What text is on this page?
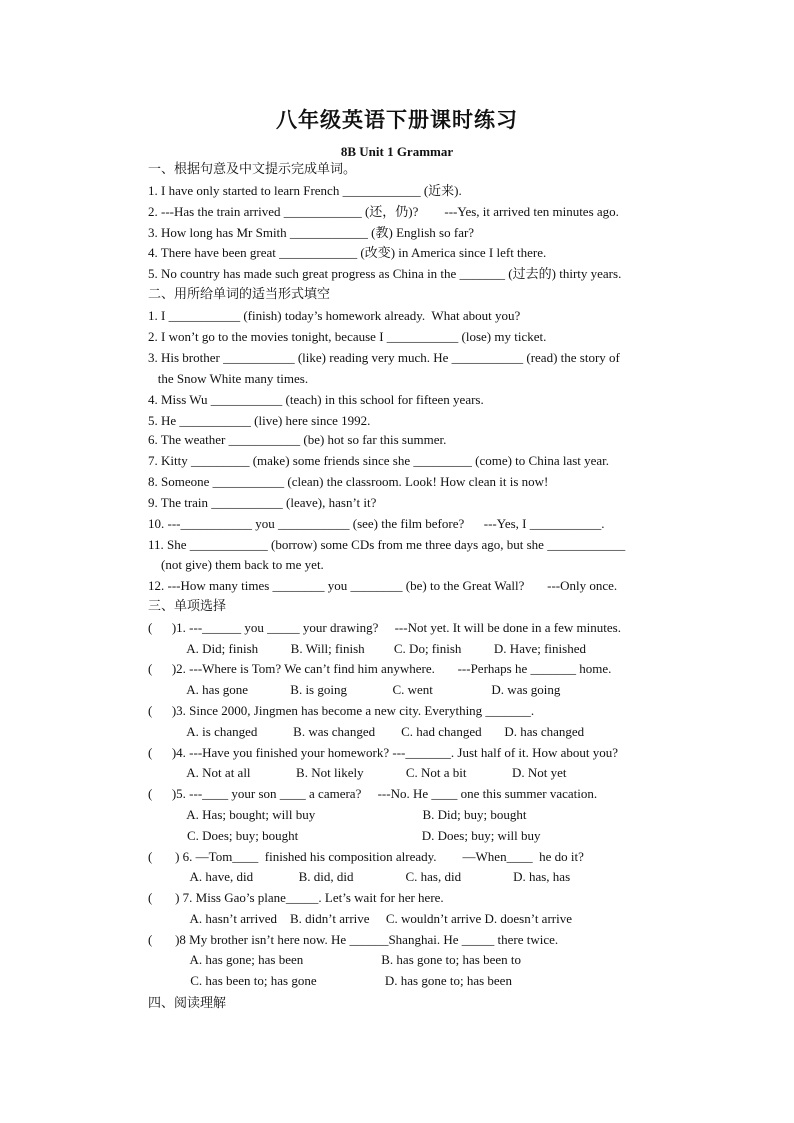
八年级英语下册课时练习
8B Unit 1 Grammar
一、根据句意及中文提示完成单词。
1. I have only started to learn French ____________ (近来).
2. ---Has the train arrived ____________ (还，仍)?        ---Yes, it arrived ten minutes ago.
3. How long has Mr Smith ____________ (教) English so far?
4. There have been great ____________ (改变) in America since I left there.
5. No country has made such great progress as China in the _______ (过去的) thirty years.
二、用所给单词的适当形式填空
1. I ___________ (finish) today’s homework already.  What about you?
2. I won’t go to the movies tonight, because I ___________ (lose) my ticket.
3. His brother ___________ (like) reading very much. He ___________ (read) the story of
the Snow White many times.
4. Miss Wu ___________ (teach) in this school for fifteen years.
5. He ___________ (live) here since 1992.
6. The weather ___________ (be) hot so far this summer.
7. Kitty _________ (make) some friends since she _________ (come) to China last year.
8. Someone ___________ (clean) the classroom. Look! How clean it is now!
9. The train ___________ (leave), hasn’t it?
10. ---___________ you ___________ (see) the film before?      ---Yes, I ___________.
11. She ____________ (borrow) some CDs from me three days ago, but she ____________
(not give) them back to me yet.
12. ---How many times ________ you ________ (be) to the Great Wall?       ---Only once.
三、单项选择
(      )1. ---______ you _____ your drawing?     ---Not yet. It will be done in a few minutes.
A. Did; finish          B. Will; finish         C. Do; finish          D. Have; finished
(      )2. ---Where is Tom? We can’t find him anywhere.       ---Perhaps he _______ home.
A. has gone             B. is going              C. went                  D. was going
(      )3. Since 2000, Jingmen has become a new city. Everything _______.
A. is changed           B. was changed        C. had changed       D. has changed
(      )4. ---Have you finished your homework? ---_______. Just half of it. How about you?
A. Not at all              B. Not likely             C. Not a bit              D. Not yet
(      )5. ---____ your son ____ a camera?     ---No. He ____ one this summer vacation.
A. Has; bought; will buy                                 B. Did; buy; bought
C. Does; buy; bought                                      D. Does; buy; will buy
(       ) 6. —Tom____  finished his composition already.        —When____  he do it?
A. have, did              B. did, did                C. has, did                D. has, has
(       ) 7. Miss Gao’s plane_____. Let’s wait for her here.
A. hasn’t arrived    B. didn’t arrive     C. wouldn’t arrive D. doesn’t arrive
(       )8 My brother isn’t here now. He ______Shanghai. He _____ there twice.
A. has gone; has been                        B. has gone to; has been to
C. has been to; has gone                     D. has gone to; has been
四、阅读理解
